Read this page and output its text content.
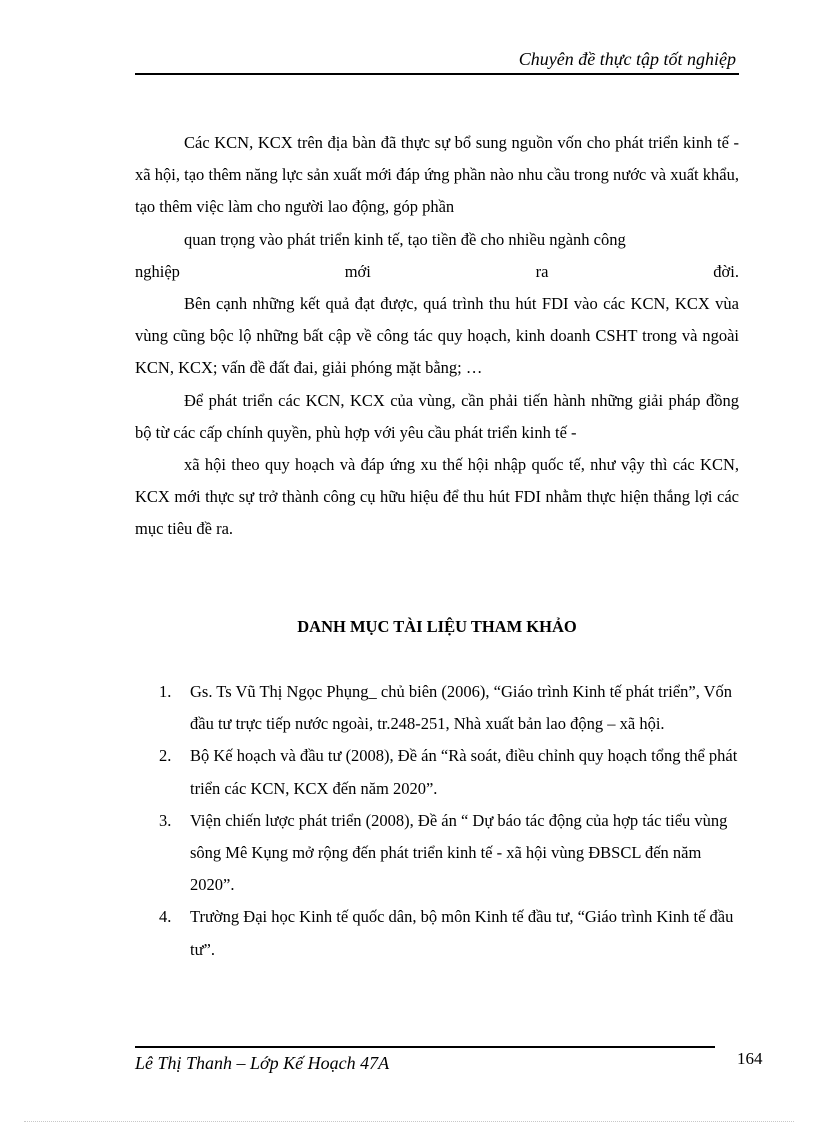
Chuyên đề thực tập tốt nghiệp

Các KCN, KCX trên địa bàn đã thực sự bổ sung nguồn vốn cho phát triển kinh tế - xã hội, tạo thêm năng lực sản xuất mới đáp ứng phần nào nhu cầu trong nước và xuất khẩu, tạo thêm việc làm cho người lao động, góp phần

quan trọng vào phát triển kinh tế, tạo tiền đề cho nhiều ngành công

nghiệp	mới	ra	đời.

Bên cạnh những kết quả đạt được, quá trình thu hút FDI vào các KCN, KCX vùa vùng cũng bộc lộ những bất cập về công tác quy hoạch, kinh doanh CSHT trong và ngoài KCN, KCX; vấn đề đất đai, giải phóng mặt bằng; …

Để phát triển các KCN, KCX của vùng, cần phải tiến hành những giải pháp đồng bộ từ các cấp chính quyền, phù hợp với yêu cầu phát triển kinh tế -

xã hội theo quy hoạch và đáp ứng xu thế hội nhập quốc tế, như vậy thì các KCN, KCX mới thực sự trở thành công cụ hữu hiệu để thu hút FDI nhằm thực hiện thắng lợi các mục tiêu đề ra.

DANH MỤC TÀI LIỆU THAM KHẢO
1.	Gs. Ts Vũ Thị Ngọc Phụng_ chủ biên (2006), “Giáo trình Kinh tế phát triển”, Vốn đầu tư trực tiếp nước ngoài, tr.248-251, Nhà xuất bản lao động – xã hội.
2.	Bộ Kế hoạch và đầu tư (2008), Đề án “Rà soát, điều chỉnh quy hoạch tổng thể phát triển các KCN, KCX đến năm 2020”.
3.	Viện chiến lược phát triển (2008), Đề án “ Dự báo tác động của hợp tác tiểu vùng sông Mê Kụng mở rộng đến phát triển kinh tế - xã hội vùng ĐBSCL đến năm 2020”.
4.	Trường Đại học Kinh tế quốc dân, bộ môn Kinh tế đầu tư, “Giáo trình Kinh tế đầu tư”.
Lê Thị Thanh – Lớp Kế Hoạch 47A	164
